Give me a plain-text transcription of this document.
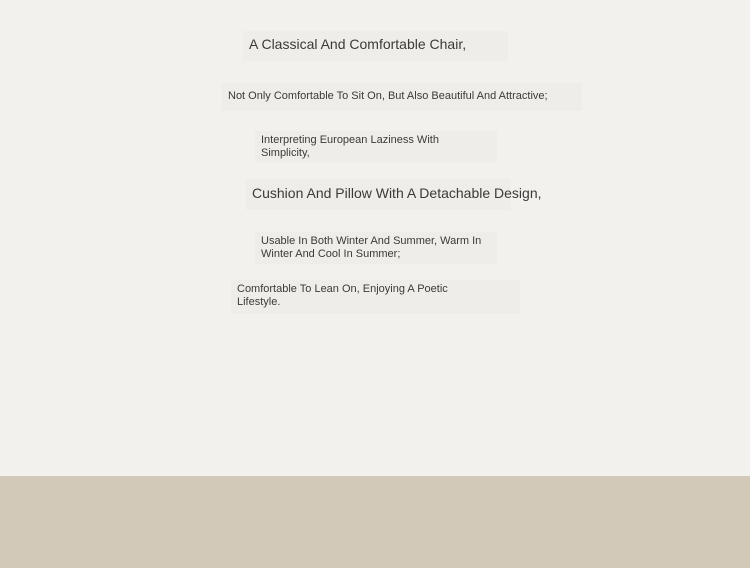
A Classical And Comfortable Chair,
Not Only Comfortable To Sit On, But Also Beautiful And Attractive;
Interpreting European Laziness With Simplicity,
Cushion And Pillow With A Detachable Design,
Usable In Both Winter And Summer, Warm In Winter And Cool In Summer;
Comfortable To Lean On, Enjoying A Poetic Lifestyle.
